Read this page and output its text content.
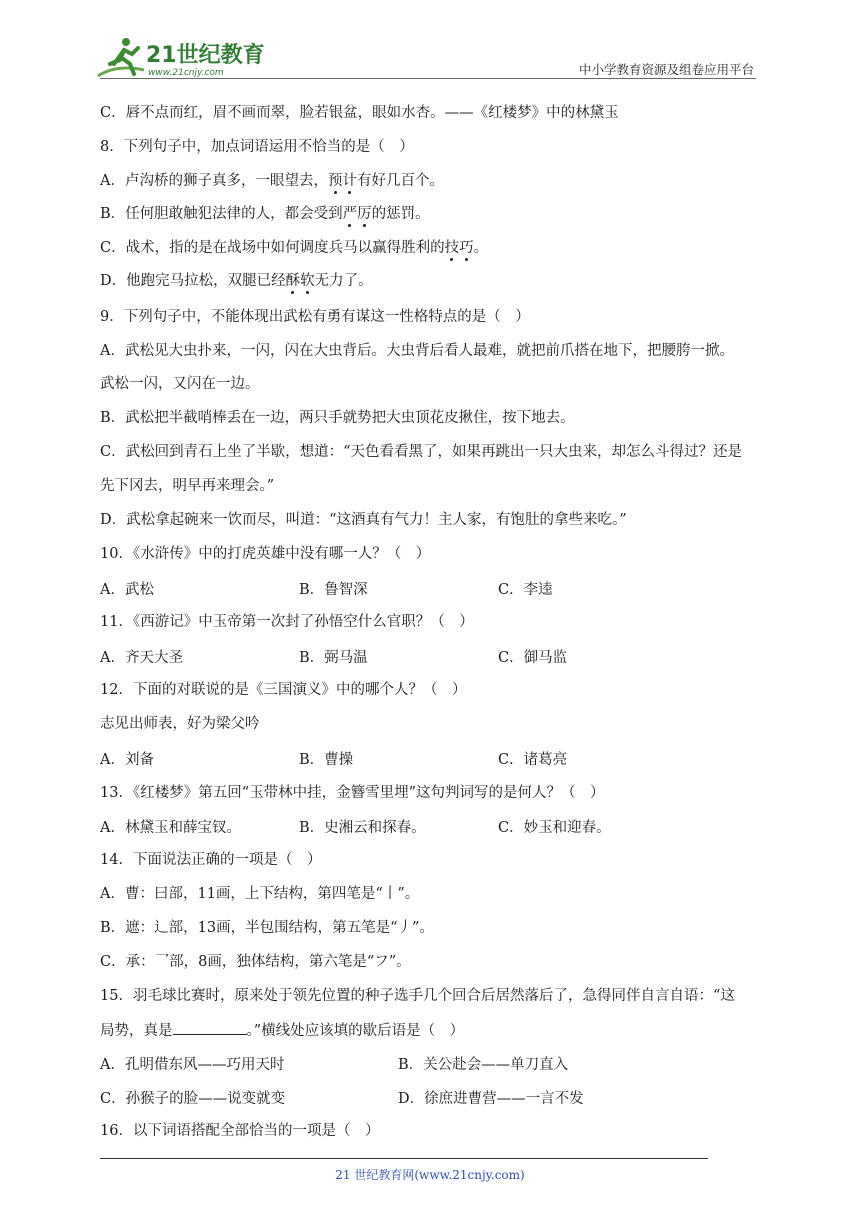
21世纪教育
www.21cnjy.com	中小学教育资源及组卷应用平台
C．唇不点而红，眉不画而翠，脸若银盆，眼如水杏。——《红楼梦》中的林黛玉
8．下列句子中，加点词语运用不恰当的是（　）
A．卢沟桥的狮子真多，一眼望去，预计有好几百个。
B．任何胆敢触犯法律的人，都会受到严厉的惩罚。
C．战术，指的是在战场中如何调度兵马以赢得胜利的技巧。
D．他跑完马拉松，双腿已经酥软无力了。
9．下列句子中，不能体现出武松有勇有谋这一性格特点的是（　）
A．武松见大虫扑来，一闪，闪在大虫背后。大虫背后看人最难，就把前爪搭在地下，把腰胯一掀。
武松一闪，又闪在一边。
B．武松把半截哨棒丢在一边，两只手就势把大虫顶花皮揪住，按下地去。
C．武松回到青石上坐了半歇，想道：“天色看看黑了，如果再跳出一只大虫来，却怎么斗得过？还是
先下冈去，明早再来理会。”
D．武松拿起碗来一饮而尽，叫道：“这酒真有气力！主人家，有饱肚的拿些来吃。”
10．《水浒传》中的打虎英雄中没有哪一人？（　）
A．武松	B．鲁智深	C．李逵
11．《西游记》中玉帝第一次封了孙悟空什么官职？（　）
A．齐天大圣	B．弼马温	C．御马监
12．下面的对联说的是《三国演义》中的哪个人？（　）
志见出师表，好为梁父吟
A．刘备	B．曹操	C．诸葛亮
13．《红楼梦》第五回“玉带林中挂，金簪雪里埋”这句判词写的是何人？（　）
A．林黛玉和薛宝钗。	B．史湘云和探春。	C．妙玉和迎春。
14．下面说法正确的一项是（　）
A．曹：曰部，11画，上下结构，第四笔是“丨”。
B．遮：辶部，13画，半包围结构，第五笔是“丿”。
C．承：乛部，8画，独体结构，第六笔是“フ”。
15．羽毛球比赛时，原来处于领先位置的种子选手几个回合后居然落后了，急得同伴自言自语：“这
局势，真是	。”横线处应该填的歇后语是（　）
A．孔明借东风——巧用天时	B．关公赴会——单刀直入
C．孙猴子的脸——说变就变	D．徐庶进曹营——一言不发
16．以下词语搭配全部恰当的一项是（　）
21 世纪教育网(www.21cnjy.com)
